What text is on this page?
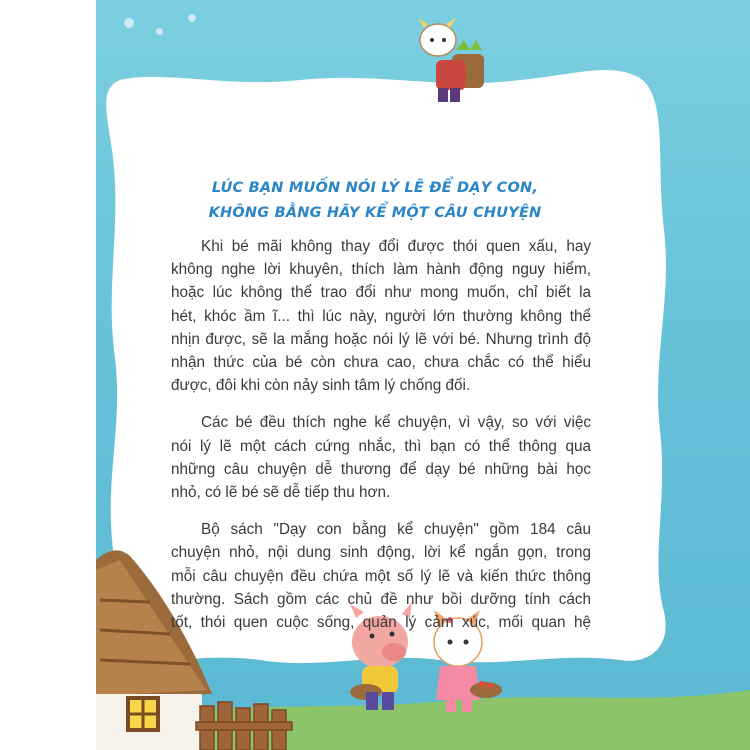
LÚC BẠN MUỐN NÓI LÝ LẼ ĐỂ DẠY CON,
KHÔNG BẰNG HÃY KỂ MỘT CÂU CHUYỆN
Khi bé mãi không thay đổi được thói quen xấu, hay
không nghe lời khuyên, thích làm hành động nguy hiểm,
hoặc lúc không thể trao đổi như mong muốn, chỉ biết la
hét, khóc ầm ĩ... thì lúc này, người lớn thường không thể
nhịn được, sẽ la mắng hoặc nói lý lẽ với bé. Nhưng trình độ
nhận thức của bé còn chưa cao, chưa chắc có thể hiểu
được, đôi khi còn nảy sinh tâm lý chống đối.
Các bé đều thích nghe kể chuyện, vì vậy, so với việc
nói lý lẽ một cách cứng nhắc, thì bạn có thể thông qua
những câu chuyện dễ thương để dạy bé những bài học
nhỏ, có lẽ bé sẽ dễ tiếp thu hơn.
Bộ sách "Dạy con bằng kể chuyện" gồm 184 câu
chuyện nhỏ, nội dung sinh động, lời kể ngắn gọn, trong
mỗi câu chuyện đều chứa một số lý lẽ và kiến thức thông
thường. Sách gồm các chủ đề như bồi dưỡng tính cách
tốt, thói quen cuộc sống, quản lý cảm xúc, mối quan hệ
